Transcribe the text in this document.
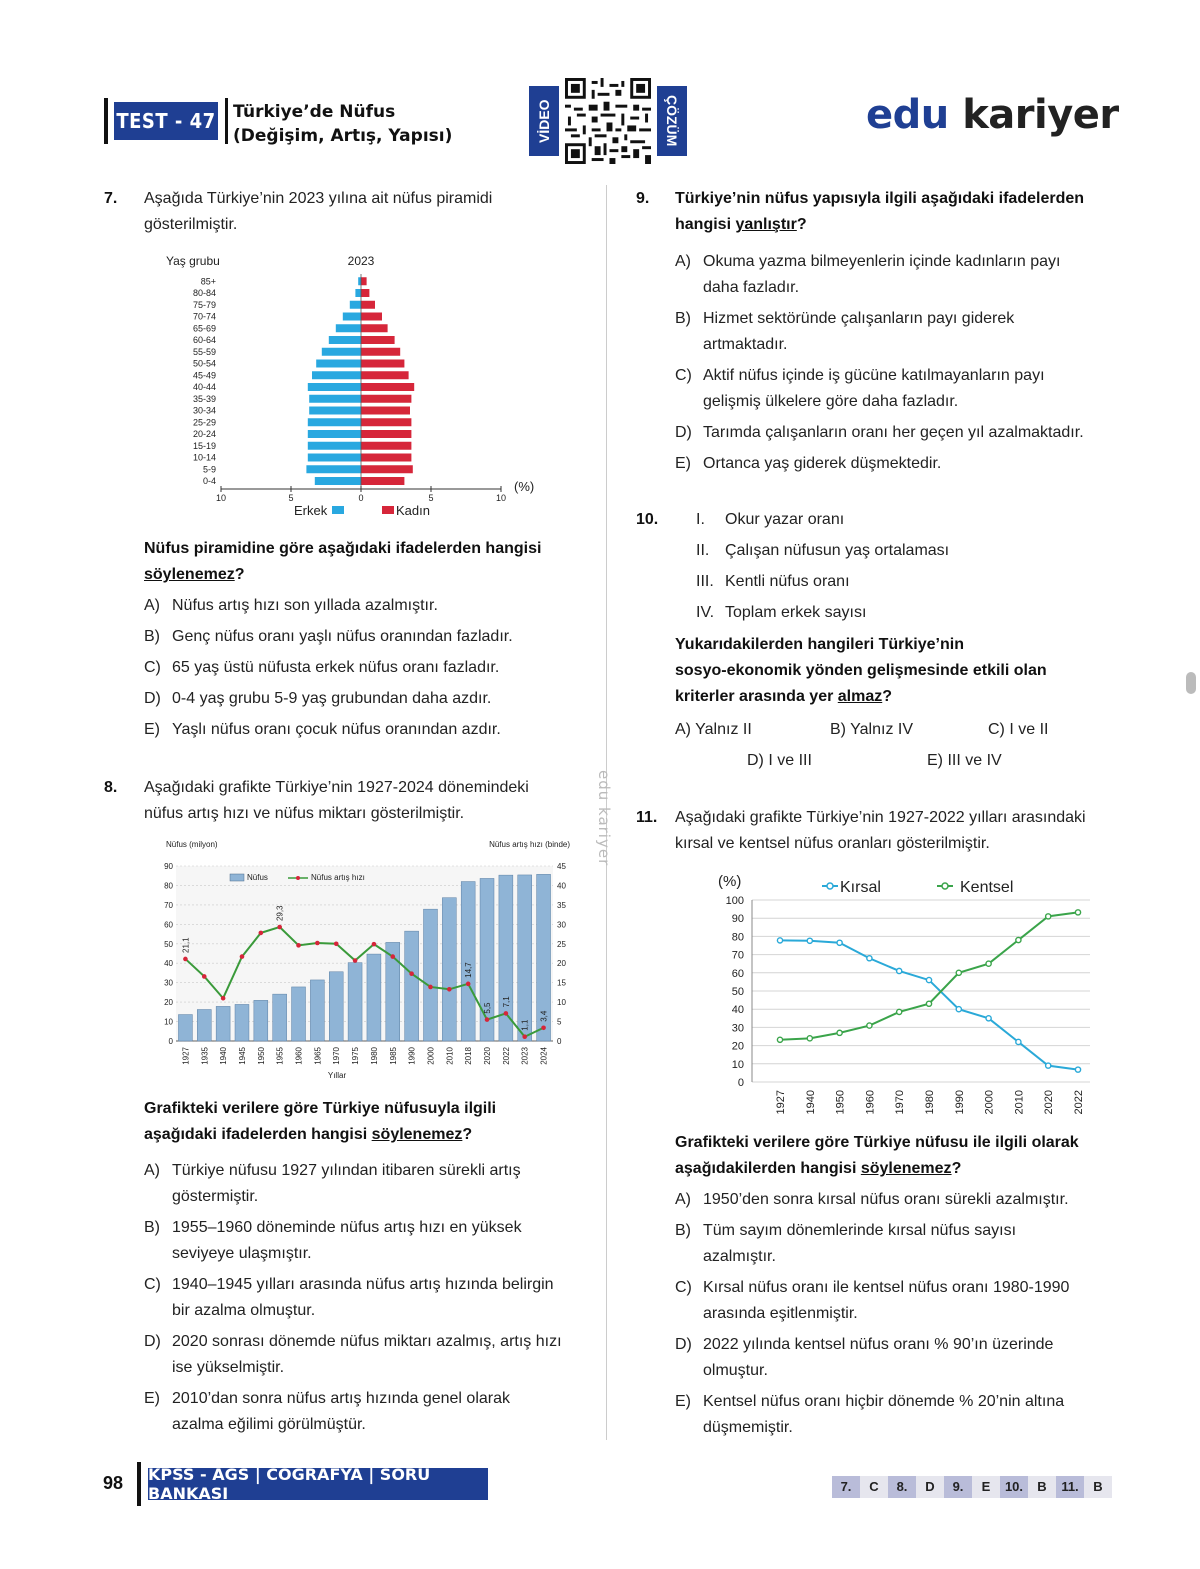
TEST - 47 Türkiye’de Nüfus
(Değişim, Artış, Yapısı)	VİDEO	ÇÖZÜM	edu kariyer
edu kariyer
7. Aşağıda Türkiye’nin 2023 yılına ait nüfus piramidi
gösterilmiştir.
Yaş grubu	2023
0-4
5-9
10-14
15-19
20-24
25-29
30-34
35-39
40-44
45-49
50-54
55-59
60-64
65-69
70-74
75-79
80-84
85+
10	5	0	5	10
(%)
Erkek	Kadın
Nüfus piramidine göre aşağıdaki ifadelerden hangisi
söylenemez?
A) Nüfus artış hızı son yıllada azalmıştır.
B) Genç nüfus oranı yaşlı nüfus oranından fazladır.
C) 65 yaş üstü nüfusta erkek nüfus oranı fazladır.
D) 0-4 yaş grubu 5-9 yaş grubundan daha azdır.
E) Yaşlı nüfus oranı çocuk nüfus oranından azdır.
8. Aşağıdaki grafikte Türkiye’nin 1927-2024 dönemindeki
nüfus artış hızı ve nüfus miktarı gösterilmiştir.
Nüfus (milyon)	Nüfus artış hızı (binde)
21,1
29,3
14,7
5,5
7,1
1,1
3,4
0	0
10	5
20	10
30	15
40	20
50	25
60	30
70	35
80	40
90	45
1927 1935 1940 1945 1950 1955 1960 1965 1970 1975 1980 1985 1990 2000 2010 2018 2020 2022 2023 2024
Nüfus	Nüfus artış hızı
Yıllar
Grafikteki verilere göre Türkiye nüfusuyla ilgili
aşağıdaki ifadelerden hangisi söylenemez?
A) Türkiye nüfusu 1927 yılından itibaren sürekli artış
göstermiştir.
B) 1955–1960 döneminde nüfus artış hızı en yüksek
seviyeye ulaşmıştır.
C) 1940–1945 yılları arasında nüfus artış hızında belirgin
bir azalma olmuştur.
D) 2020 sonrası dönemde nüfus miktarı azalmış, artış hızı
ise yükselmiştir.
E) 2010’dan sonra nüfus artış hızında genel olarak
azalma eğilimi görülmüştür.
9. Türkiye’nin nüfus yapısıyla ilgili aşağıdaki ifadelerden
hangisi yanlıştır?
A) Okuma yazma bilmeyenlerin içinde kadınların payı
daha fazladır.
B) Hizmet sektöründe çalışanların payı giderek
artmaktadır.
C) Aktif nüfus içinde iş gücüne katılmayanların payı
gelişmiş ülkelere göre daha fazladır.
D) Tarımda çalışanların oranı her geçen yıl azalmaktadır.
E) Ortanca yaş giderek düşmektedir.
10. I. Okur yazar oranı
II. Çalışan nüfusun yaş ortalaması
III. Kentli nüfus oranı
IV. Toplam erkek sayısı
Yukarıdakilerden hangileri Türkiye’nin
sosyo-ekonomik yönden gelişmesinde etkili olan
kriterler arasında yer almaz?
A) Yalnız II	B) Yalnız IV	C) I ve II
D) I ve III	E) III ve IV
11. Aşağıdaki grafikte Türkiye’nin 1927-2022 yılları arasındaki
kırsal ve kentsel nüfus oranları gösterilmiştir.
(%)	Kırsal	Kentsel
0
10
20
30
40
50
60
70
80
90
100
1927 1940 1950 1960 1970 1980 1990 2000 2010 2020 2022
Grafikteki verilere göre Türkiye nüfusu ile ilgili olarak
aşağıdakilerden hangisi söylenemez?
A) 1950’den sonra kırsal nüfus oranı sürekli azalmıştır.
B) Tüm sayım dönemlerinde kırsal nüfus sayısı
azalmıştır.
C) Kırsal nüfus oranı ile kentsel nüfus oranı 1980-1990
arasında eşitlenmiştir.
D) 2022 yılında kentsel nüfus oranı % 90’ın üzerinde
olmuştur.
E) Kentsel nüfus oranı hiçbir dönemde % 20’nin altına
düşmemiştir.
98 KPSS - AGS | COĞRAFYA | SORU BANKASI	7.	C	8.	D	9.	E	10.	B	11.	B
